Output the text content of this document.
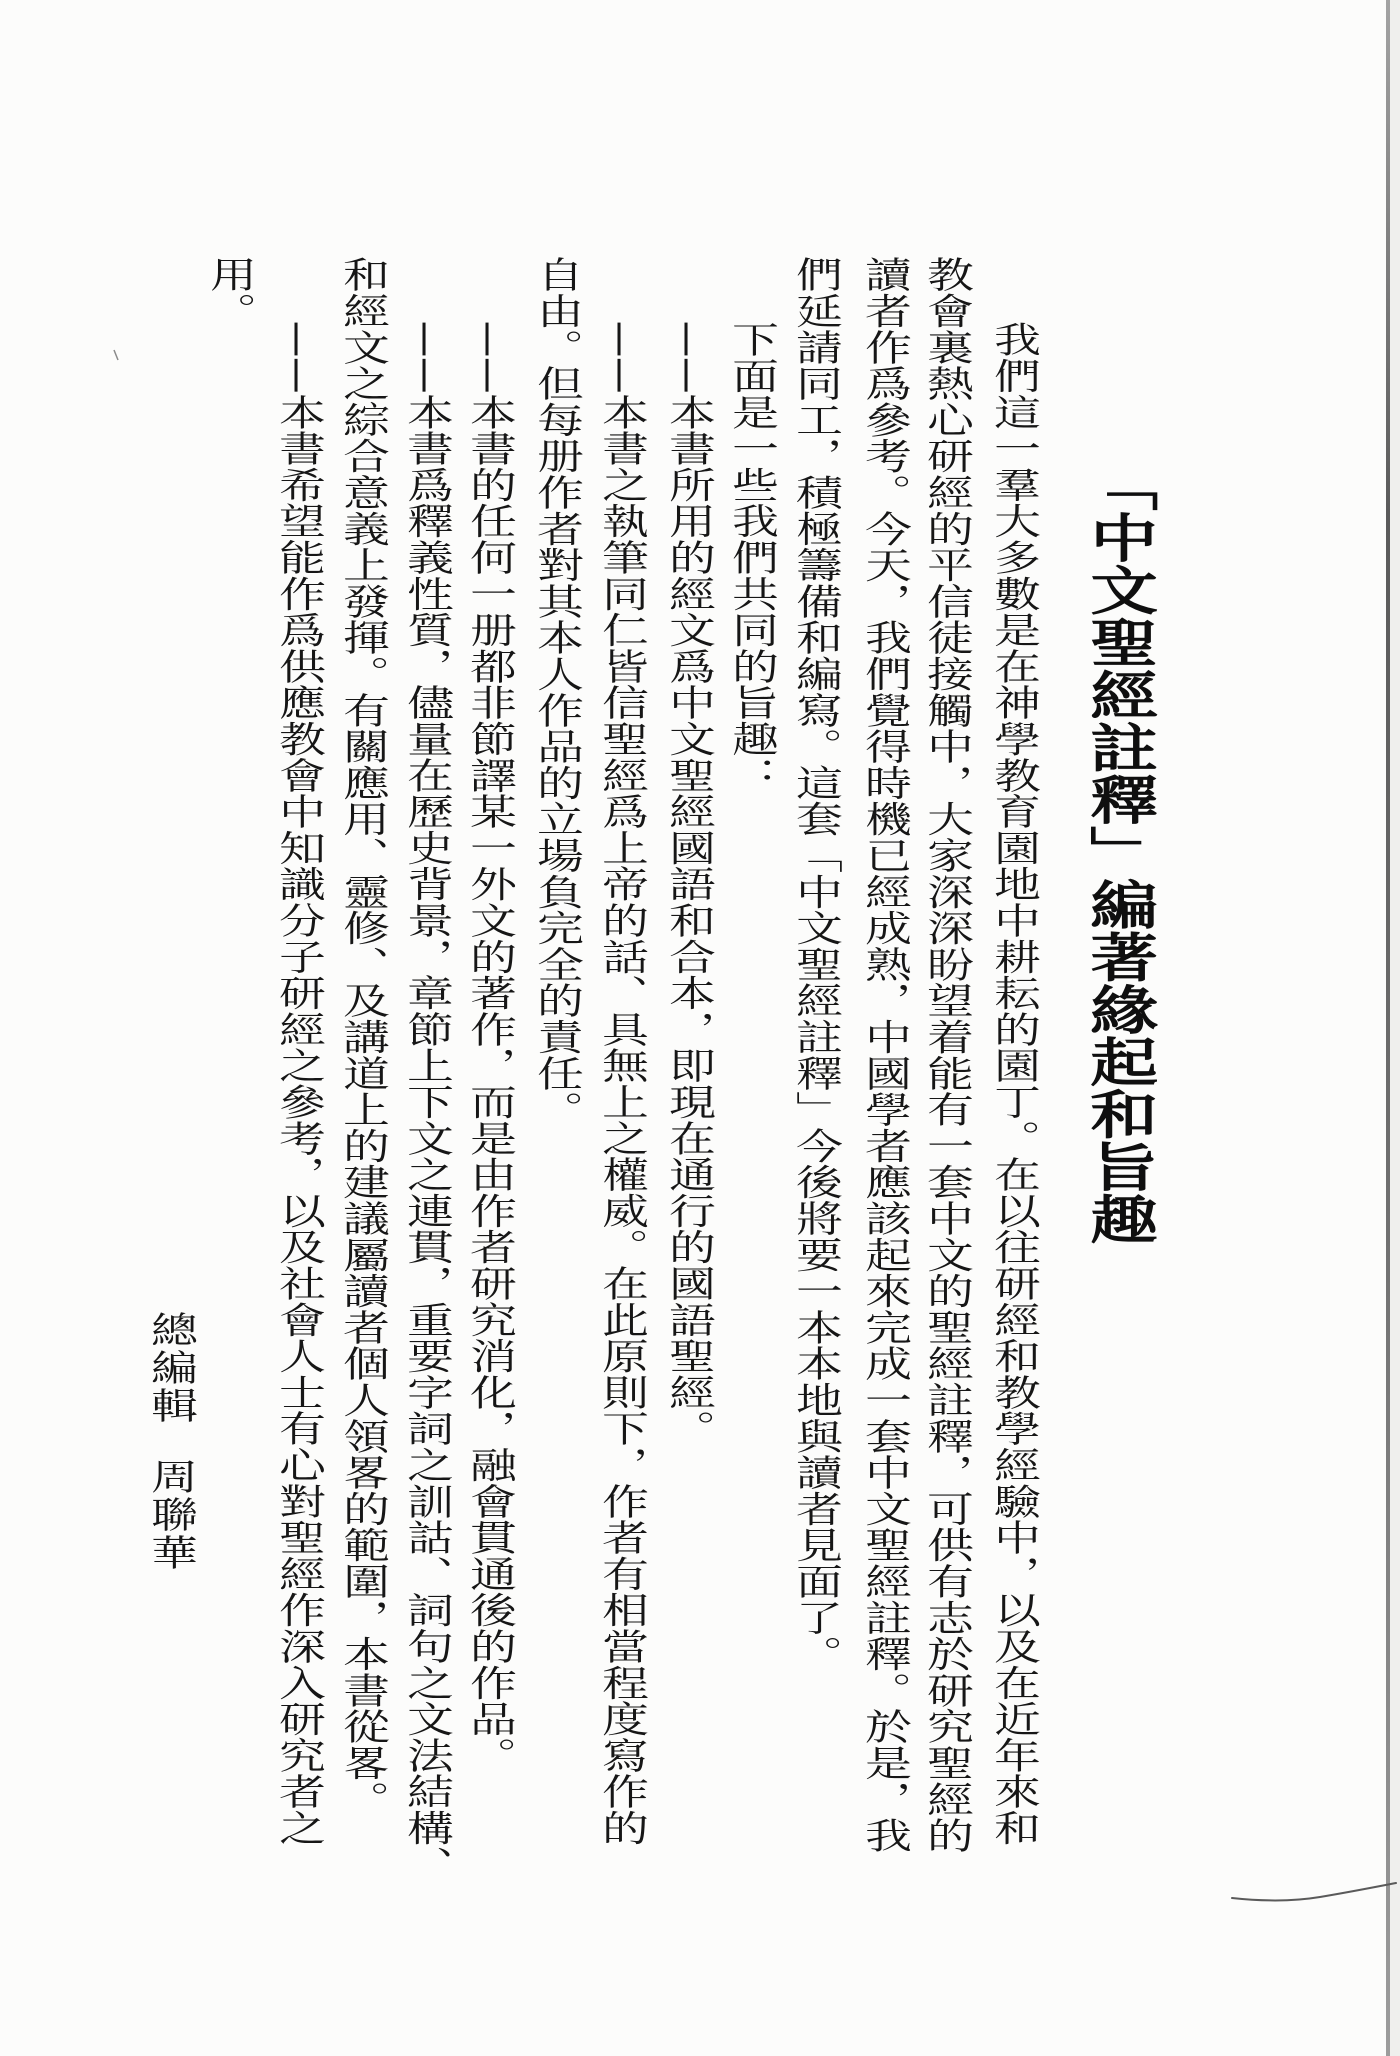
「中文聖經註釋」編著緣起和旨趣
我們這一羣大多數是在神學教育園地中耕耘的園丁。在以往研經和教學經驗中，以及在近年來和
教會裏熱心研經的平信徒接觸中，大家深深盼望着能有一套中文的聖經註釋，可供有志於研究聖經的
讀者作爲參考。今天，我們覺得時機已經成熟，中國學者應該起來完成一套中文聖經註釋。於是，我
們延請同工，積極籌備和編寫。這套「中文聖經註釋」今後將要一本本地與讀者見面了。
下面是一些我們共同的旨趣：
——本書所用的經文爲中文聖經國語和合本，即現在通行的國語聖經。
——本書之執筆同仁皆信聖經爲上帝的話、具無上之權威。在此原則下，作者有相當程度寫作的
自由。但每册作者對其本人作品的立場負完全的責任。
——本書的任何一册都非節譯某一外文的著作，而是由作者研究消化，融會貫通後的作品。
——本書爲釋義性質，儘量在歷史背景，章節上下文之連貫，重要字詞之訓詁、詞句之文法結構、
和經文之綜合意義上發揮。有關應用、靈修、及講道上的建議屬讀者個人領畧的範圍，本書從畧。
——本書希望能作爲供應教會中知識分子研經之參考，以及社會人士有心對聖經作深入研究者之
用。
總編輯
周聯華
